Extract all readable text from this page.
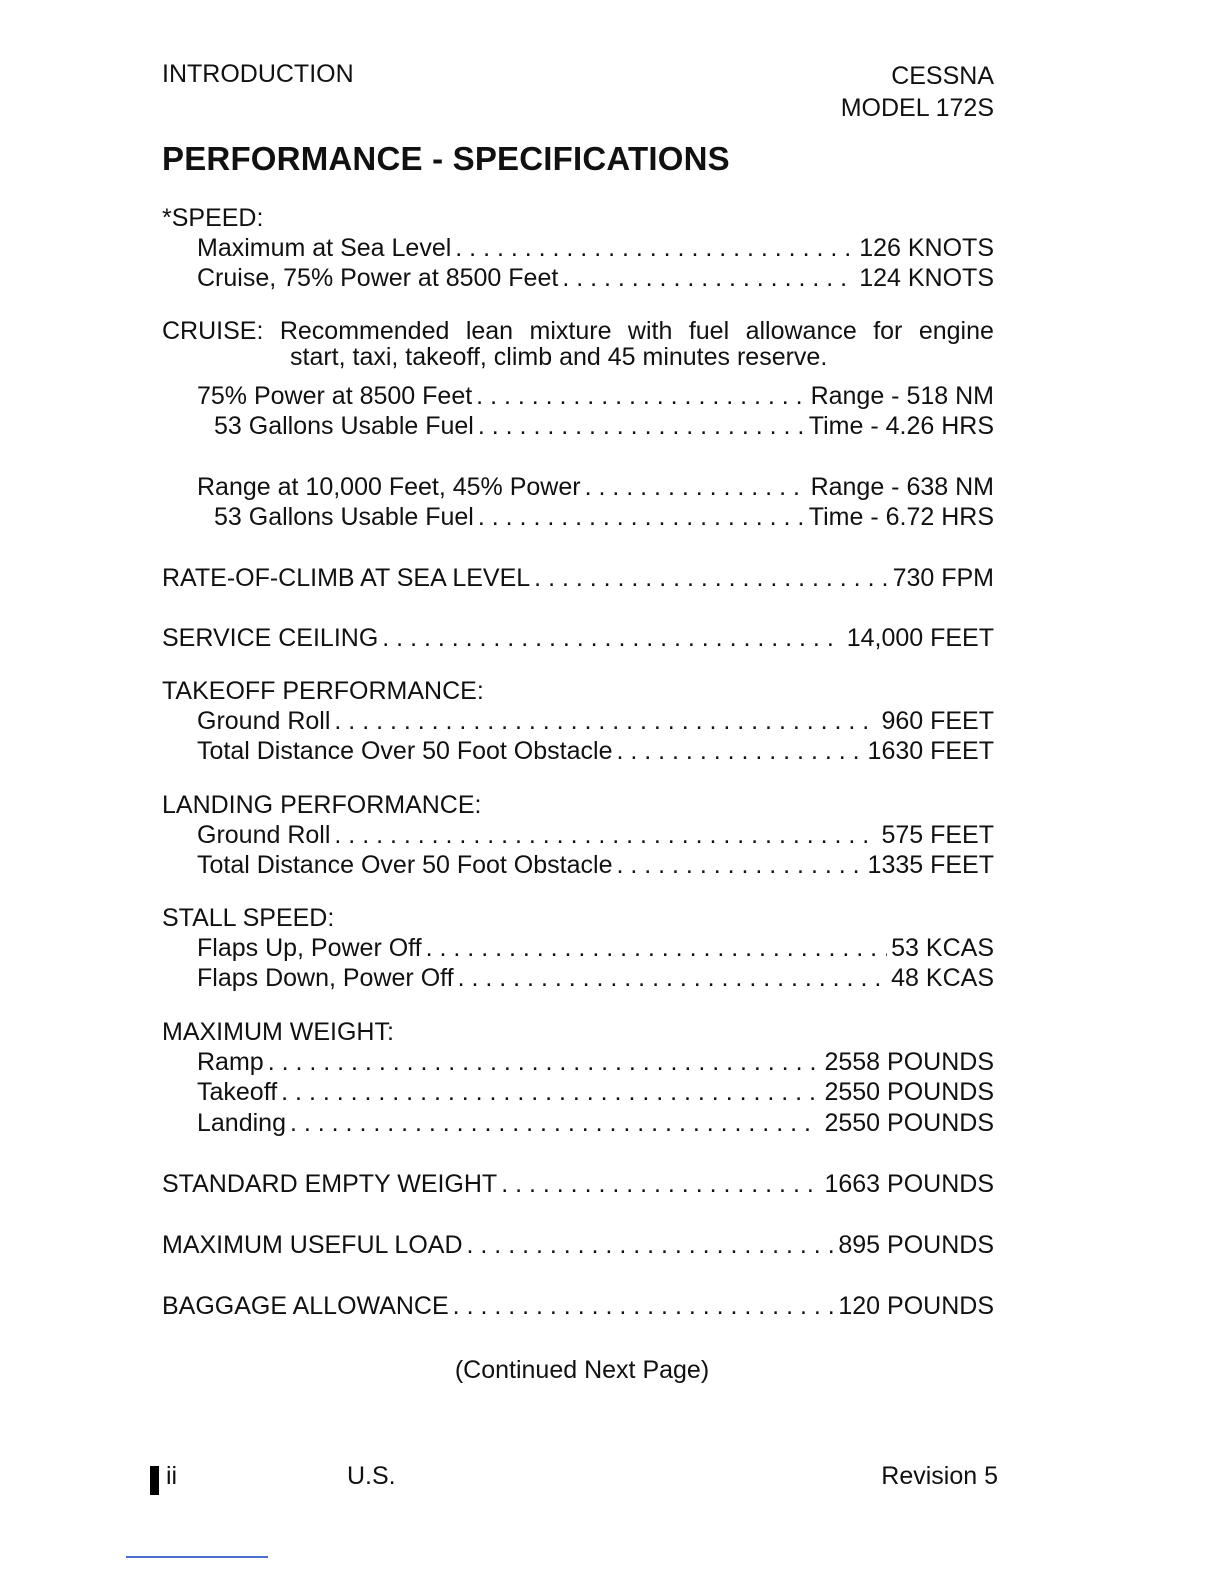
INTRODUCTION	CESSNA
MODEL 172S
PERFORMANCE - SPECIFICATIONS
*SPEED:
Maximum at Sea Level . . .	126 KNOTS
Cruise, 75% Power at 8500 Feet . . .	124 KNOTS
CRUISE: Recommended lean mixture with fuel allowance for engine
start, taxi, takeoff, climb and 45 minutes reserve.
75% Power at 8500 Feet . . .	Range - 518 NM
53 Gallons Usable Fuel . . .	Time - 4.26 HRS
Range at 10,000 Feet, 45% Power . . .	Range - 638 NM
53 Gallons Usable Fuel . . .	Time - 6.72 HRS
RATE-OF-CLIMB AT SEA LEVEL . . .	730 FPM
SERVICE CEILING . . .	14,000 FEET
TAKEOFF PERFORMANCE:
Ground Roll . . .	960 FEET
Total Distance Over 50 Foot Obstacle . . .	1630 FEET
LANDING PERFORMANCE:
Ground Roll . . .	575 FEET
Total Distance Over 50 Foot Obstacle . . .	1335 FEET
STALL SPEED:
Flaps Up, Power Off . . .	53 KCAS
Flaps Down, Power Off . . .	48 KCAS
MAXIMUM WEIGHT:
Ramp . . .	2558 POUNDS
Takeoff . . .	2550 POUNDS
Landing . . .	2550 POUNDS
STANDARD EMPTY WEIGHT . . .	1663 POUNDS
MAXIMUM USEFUL LOAD . . .	895 POUNDS
BAGGAGE ALLOWANCE . . .	120 POUNDS
(Continued Next Page)
ii	U.S.	Revision 5
